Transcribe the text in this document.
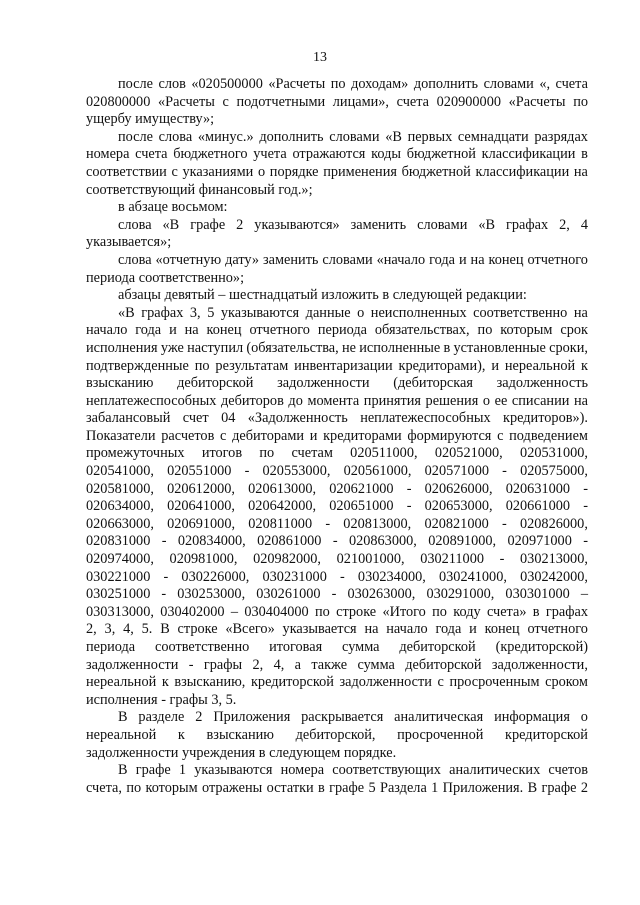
13
после слов «020500000 «Расчеты по доходам» дополнить словами «, счета
020800000 «Расчеты с подотчетными лицами», счета 020900000 «Расчеты по
ущербу имуществу»;
после слова «минус.» дополнить словами «В первых семнадцати разрядах
номера счета бюджетного учета отражаются коды бюджетной классификации в
соответствии с указаниями о порядке применения бюджетной классификации на
соответствующий финансовый год.»;
в абзаце восьмом:
слова «В графе 2 указываются» заменить словами «В графах 2, 4
указывается»;
слова «отчетную дату» заменить словами «начало года и на конец отчетного
периода соответственно»;
абзацы девятый – шестнадцатый изложить в следующей редакции:
«В графах 3, 5 указываются данные о неисполненных соответственно на
начало года и на конец отчетного периода обязательствах, по которым срок
исполнения уже наступил (обязательства, не исполненные в установленные сроки,
подтвержденные по результатам инвентаризации кредиторами), и нереальной к
взысканию дебиторской задолженности (дебиторская задолженность
неплатежеспособных дебиторов до момента принятия решения о ее списании на
забалансовый счет 04 «Задолженность неплатежеспособных кредиторов»).
Показатели расчетов с дебиторами и кредиторами формируются с подведением
промежуточных итогов по счетам 020511000, 020521000, 020531000,
020541000, 020551000 - 020553000, 020561000, 020571000 - 020575000,
020581000, 020612000, 020613000, 020621000 - 020626000, 020631000 -
020634000, 020641000, 020642000, 020651000 - 020653000, 020661000 -
020663000, 020691000, 020811000 - 020813000, 020821000 - 020826000,
020831000 - 020834000, 020861000 - 020863000, 020891000, 020971000 -
020974000, 020981000, 020982000, 021001000, 030211000 - 030213000,
030221000 - 030226000, 030231000 - 030234000, 030241000, 030242000,
030251000 - 030253000, 030261000 - 030263000, 030291000, 030301000 –
030313000, 030402000 – 030404000 по строке «Итого по коду счета» в графах
2, 3, 4, 5. В строке «Всего» указывается на начало года и конец отчетного
периода соответственно итоговая сумма дебиторской (кредиторской)
задолженности - графы 2, 4, а также сумма дебиторской задолженности,
нереальной к взысканию, кредиторской задолженности с просроченным сроком
исполнения - графы 3, 5.
В разделе 2 Приложения раскрывается аналитическая информация о
нереальной к взысканию дебиторской, просроченной кредиторской
задолженности учреждения в следующем порядке.
В графе 1 указываются номера соответствующих аналитических счетов
счета, по которым отражены остатки в графе 5 Раздела 1 Приложения. В графе 2
